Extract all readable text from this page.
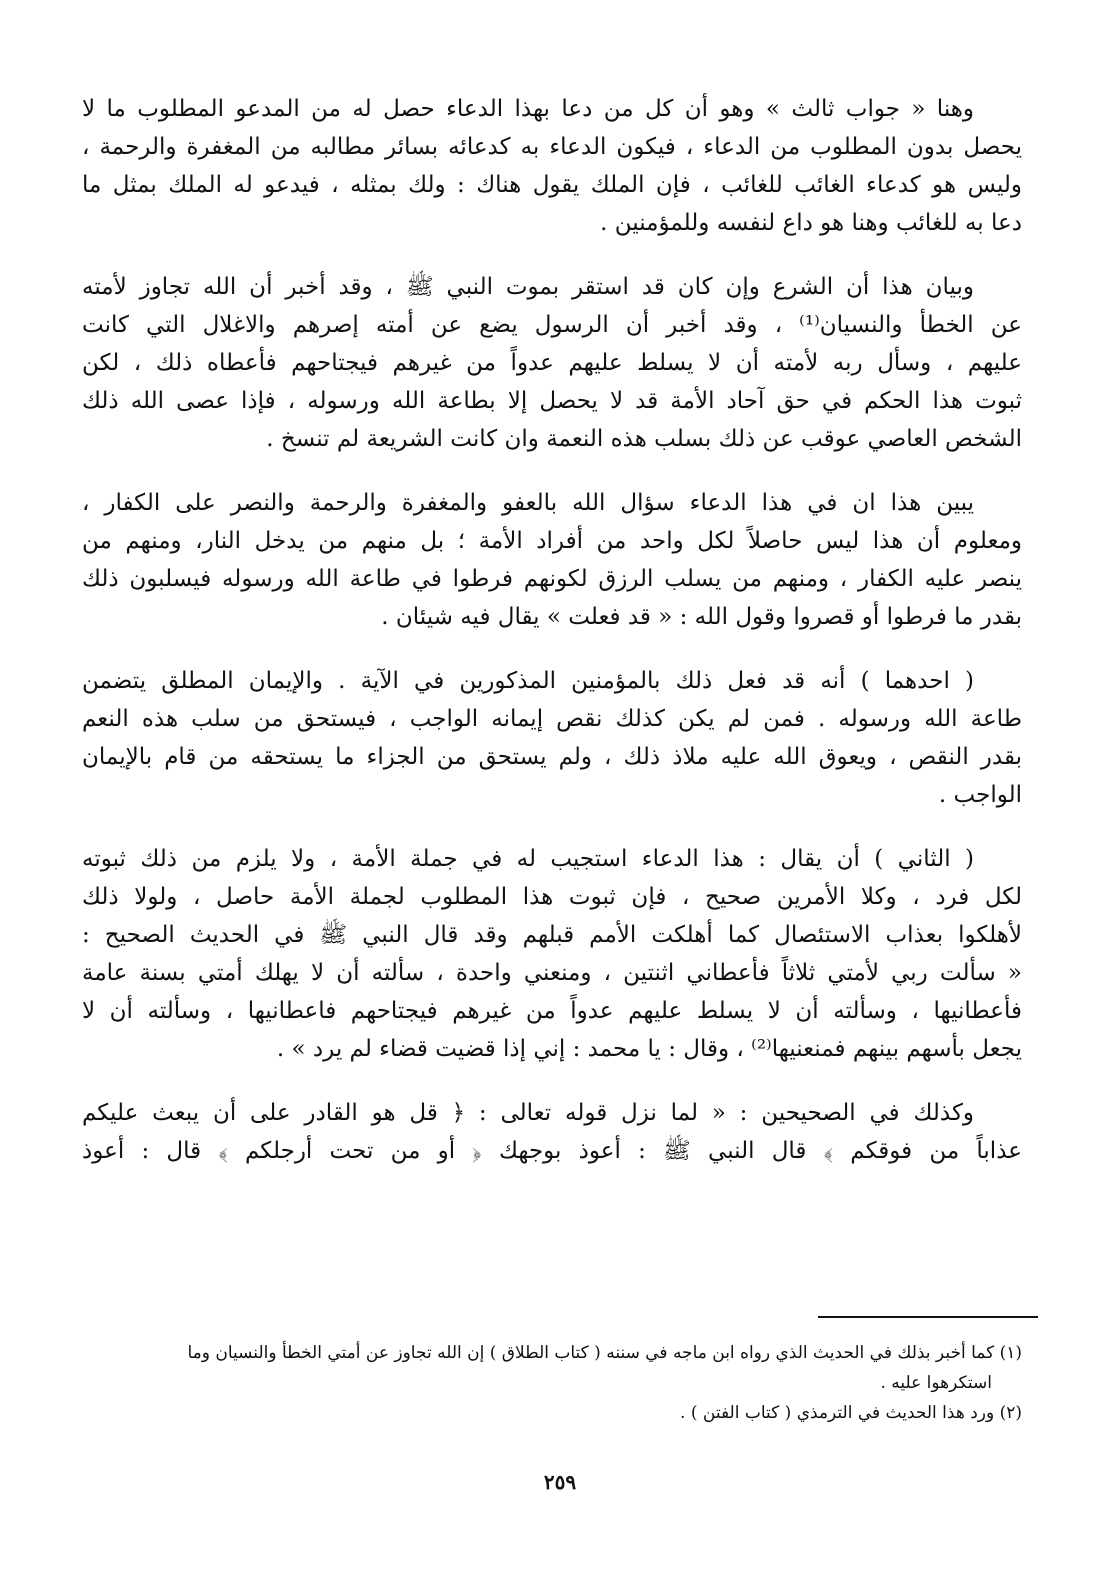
وهنا « جواب ثالث » وهو أن كل من دعا بهذا الدعاء حصل له من المدعو المطلوب ما لا
يحصل بدون المطلوب من الدعاء ، فيكون الدعاء به كدعائه بسائر مطالبه من المغفرة والرحمة ،
وليس هو كدعاء الغائب للغائب ، فإن الملك يقول هناك : ولك بمثله ، فيدعو له الملك بمثل ما
دعا به للغائب وهنا هو داع لنفسه وللمؤمنين .
وبيان هذا أن الشرع وإن كان قد استقر بموت النبي ﷺ ، وقد أخبر أن الله تجاوز لأمته
عن الخطأ والنسيان⁽¹⁾ ، وقد أخبر أن الرسول يضع عن أمته إصرهم والاغلال التي كانت
عليهم ، وسأل ربه لأمته أن لا يسلط عليهم عدواً من غيرهم فيجتاحهم فأعطاه ذلك ، لكن
ثبوت هذا الحكم في حق آحاد الأمة قد لا يحصل إلا بطاعة الله ورسوله ، فإذا عصى الله ذلك
الشخص العاصي عوقب عن ذلك بسلب هذه النعمة وان كانت الشريعة لم تنسخ .
يبين هذا ان في هذا الدعاء سؤال الله بالعفو والمغفرة والرحمة والنصر على الكفار ،
ومعلوم أن هذا ليس حاصلاً لكل واحد من أفراد الأمة ؛ بل منهم من يدخل النار، ومنهم من
ينصر عليه الكفار ، ومنهم من يسلب الرزق لكونهم فرطوا في طاعة الله ورسوله فيسلبون ذلك
بقدر ما فرطوا أو قصروا وقول الله : « قد فعلت » يقال فيه شيئان .
( احدهما ) أنه قد فعل ذلك بالمؤمنين المذكورين في الآية . والإيمان المطلق يتضمن
طاعة الله ورسوله . فمن لم يكن كذلك نقص إيمانه الواجب ، فيستحق من سلب هذه النعم
بقدر النقص ، ويعوق الله عليه ملاذ ذلك ، ولم يستحق من الجزاء ما يستحقه من قام بالإيمان
الواجب .
( الثاني ) أن يقال : هذا الدعاء استجيب له في جملة الأمة ، ولا يلزم من ذلك ثبوته
لكل فرد ، وكلا الأمرين صحيح ، فإن ثبوت هذا المطلوب لجملة الأمة حاصل ، ولولا ذلك
لأهلكوا بعذاب الاستئصال كما أهلكت الأمم قبلهم وقد قال النبي ﷺ في الحديث الصحيح :
« سألت ربي لأمتي ثلاثاً فأعطاني اثنتين ، ومنعني واحدة ، سألته أن لا يهلك أمتي بسنة عامة
فأعطانيها ، وسألته أن لا يسلط عليهم عدواً من غيرهم فيجتاحهم فاعطانيها ، وسألته أن لا
يجعل بأسهم بينهم فمنعنيها⁽²⁾ ، وقال : يا محمد : إني إذا قضيت قضاء لم يرد » .
وكذلك في الصحيحين : « لما نزل قوله تعالى : ﴿ قل هو القادر على أن يبعث عليكم
عذاباً من فوقكم ﴾ قال النبي ﷺ : أعوذ بوجهك ﴿ أو من تحت أرجلكم ﴾ قال : أعوذ
(١) كما أخبر بذلك في الحديث الذي رواه ابن ماجه في سننه ( كتاب الطلاق ) إن الله تجاوز عن أمتي الخطأ والنسيان وما
استكرهوا عليه .
(٢) ورد هذا الحديث في الترمذي ( كتاب الفتن ) .
٢٥٩
